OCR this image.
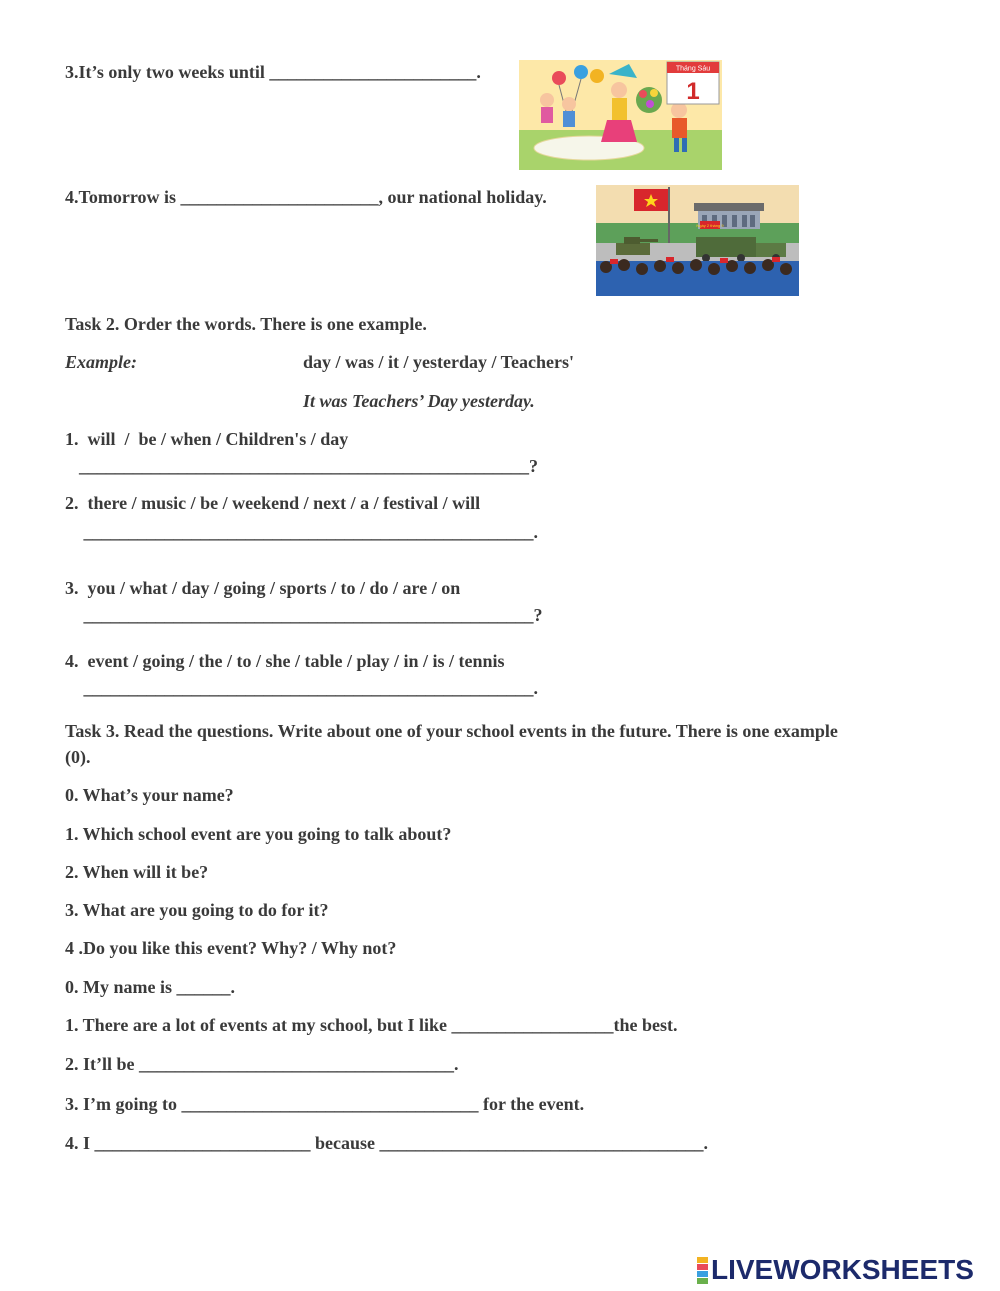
3.It’s only two weeks until _______________________.
4.Tomorrow is ______________________, our national holiday.
Tháng Sáu
1
Ngày 2 tháng 9
Task 2. Order the words. There is one example.
Example:	day / was / it / yesterday / Teachers'
It was Teachers’ Day yesterday.
1.  will  /  be / when / Children's / day
__________________________________________________?
2.  there / music / be / weekend / next / a / festival / will
__________________________________________________.
3.  you / what / day / going / sports / to / do / are / on
__________________________________________________?
4.  event / going / the / to / she / table / play / in / is / tennis
__________________________________________________.
Task 3. Read the questions. Write about one of your school events in the future. There is one example
(0).
0. What’s your name?
1. Which school event are you going to talk about?
2. When will it be?
3. What are you going to do for it?
4 .Do you like this event? Why? / Why not?
0. My name is ______.
1. There are a lot of events at my school, but I like __________________the best.
2. It’ll be ___________________________________.
3. I’m going to _________________________________ for the event.
4. I ________________________ because ____________________________________.
LIVEWORKSHEETS
